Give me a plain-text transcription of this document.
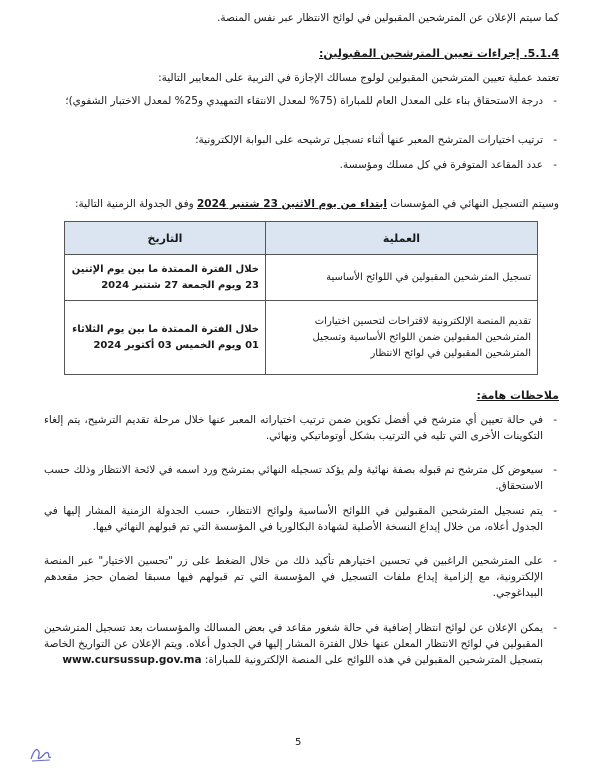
كما سيتم الإعلان عن المترشحين المقبولين في لوائح الانتظار عبر نفس المنصة.
5.1.4. إجراءات تعيين المترشحين المقبولين:
تعتمد عملية تعيين المترشحين المقبولين لولوج مسالك الإجازة في التربية على المعايير التالية:
- درجة الاستحقاق بناء على المعدل العام للمباراة (75% لمعدل الانتقاء التمهيدي و25% لمعدل الاختبار الشفوي)؛
- ترتيب اختيارات المترشح المعبر عنها أثناء تسجيل ترشيحه على البوابة الإلكترونية؛
- عدد المقاعد المتوفرة في كل مسلك ومؤسسة.
وسيتم التسجيل النهائي في المؤسسات ابتداء من يوم الاثنين 23 شتنبر 2024 وفق الجدولة الزمنية التالية:
العملية	التاريخ
تسجيل المترشحين المقبولين في اللوائح الأساسية	خلال الفترة الممتدة ما بين يوم الإثنين 23 ويوم الجمعة 27 شتنبر 2024
تقديم المنصة الإلكترونية لاقتراحات لتحسين اختيارات المترشحين المقبولين ضمن اللوائح الأساسية وتسجيل المترشحين المقبولين في لوائح الانتظار	خلال الفترة الممتدة ما بين يوم الثلاثاء 01 ويوم الخميس 03 أكتوبر 2024
ملاحظات هامة:
- في حالة تعيين أي مترشح في أفضل تكوين ضمن ترتيب اختياراته المعبر عنها خلال مرحلة تقديم الترشيح، يتم إلغاء التكوينات الأخرى التي تليه في الترتيب بشكل أوتوماتيكي ونهائي.
- سيعوض كل مترشح تم قبوله بصفة نهائية ولم يؤكد تسجيله النهائي بمترشح ورد اسمه في لائحة الانتظار وذلك حسب الاستحقاق.
- يتم تسجيل المترشحين المقبولين في اللوائح الأساسية ولوائح الانتظار، حسب الجدولة الزمنية المشار إليها في الجدول أعلاه، من خلال إيداع النسخة الأصلية لشهادة البكالوريا في المؤسسة التي تم قبولهم النهائي فيها.
- على المترشحين الراغبين في تحسين اختيارهم تأكيد ذلك من خلال الضغط على زر "تحسين الاختيار" عبر المنصة الإلكترونية، مع إلزامية إيداع ملفات التسجيل في المؤسسة التي تم قبولهم فيها مسبقا لضمان حجز مقعدهم البيداغوجي.
- يمكن الإعلان عن لوائح انتظار إضافية في حالة شغور مقاعد في بعض المسالك والمؤسسات بعد تسجيل المترشحين المقبولين في لوائح الانتظار المعلن عنها خلال الفترة المشار إليها في الجدول أعلاه. ويتم الإعلان عن التواريخ الخاصة بتسجيل المترشحين المقبولين في هذه اللوائح على المنصة الإلكترونية للمباراة: www.cursussup.gov.ma
5
